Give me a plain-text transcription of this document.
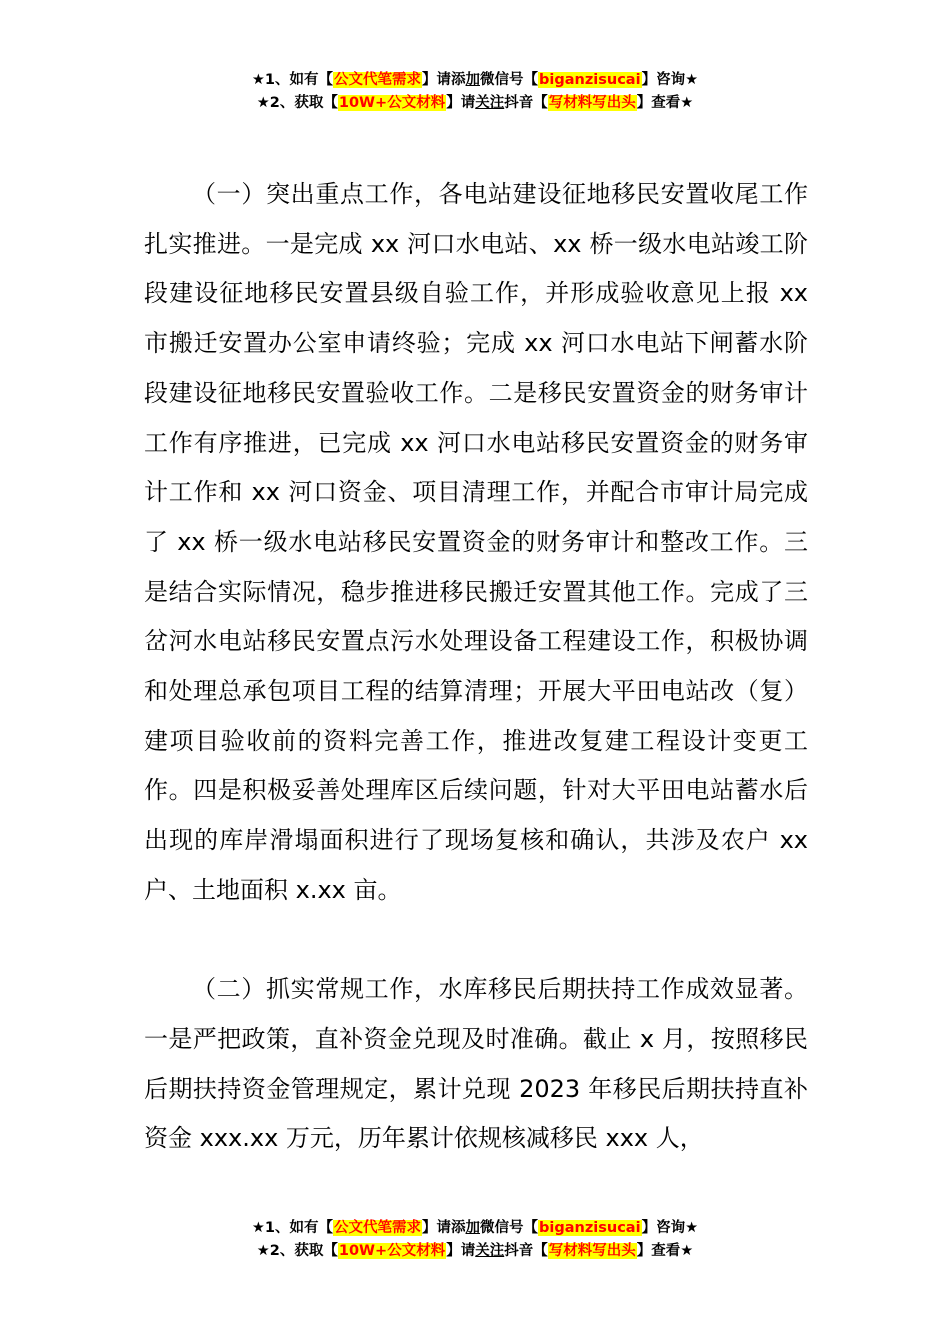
★1、如有【公文代笔需求】请添加微信号【biganzisucai】咨询★
★2、获取【10W+公文材料】请关注抖音【写材料写出头】查看★

（一）突出重点工作，各电站建设征地移民安置收尾工作扎实推进。一是完成 xx 河口水电站、xx 桥一级水电站竣工阶段建设征地移民安置县级自验工作，并形成验收意见上报 xx 市搬迁安置办公室申请终验；完成 xx 河口水电站下闸蓄水阶段建设征地移民安置验收工作。二是移民安置资金的财务审计工作有序推进，已完成 xx 河口水电站移民安置资金的财务审计工作和 xx 河口资金、项目清理工作，并配合市审计局完成了 xx 桥一级水电站移民安置资金的财务审计和整改工作。三是结合实际情况，稳步推进移民搬迁安置其他工作。完成了三岔河水电站移民安置点污水处理设备工程建设工作，积极协调和处理总承包项目工程的结算清理；开展大平田电站改（复）建项目验收前的资料完善工作，推进改复建工程设计变更工作。四是积极妥善处理库区后续问题，针对大平田电站蓄水后出现的库岸滑塌面积进行了现场复核和确认，共涉及农户 xx 户、土地面积 x.xx 亩。

（二）抓实常规工作，水库移民后期扶持工作成效显著。一是严把政策，直补资金兑现及时准确。截止 x 月，按照移民后期扶持资金管理规定，累计兑现 2023 年移民后期扶持直补资金 xxx.xx 万元，历年累计依规核减移民 xxx 人，

★1、如有【公文代笔需求】请添加微信号【biganzisucai】咨询★
★2、获取【10W+公文材料】请关注抖音【写材料写出头】查看★
